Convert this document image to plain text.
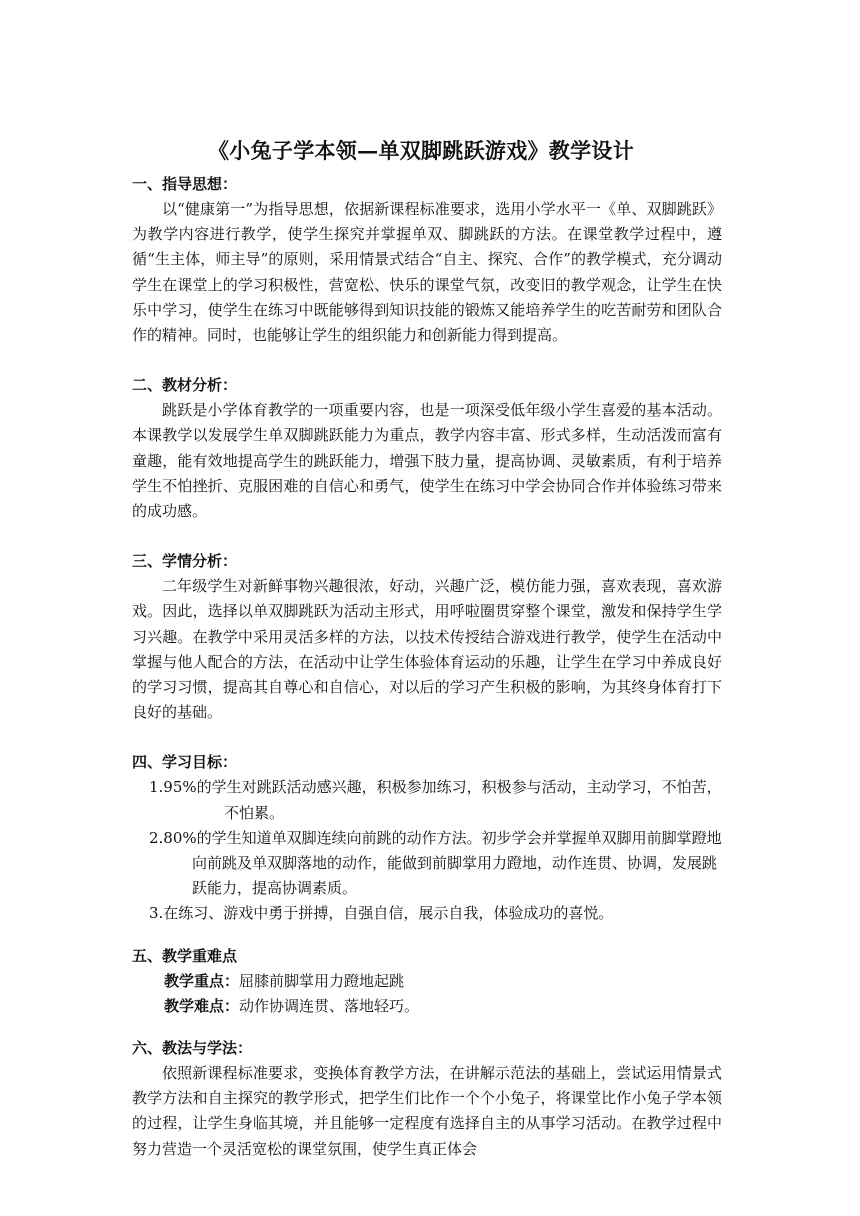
《小兔子学本领—单双脚跳跃游戏》教学设计

一、指导思想：

以“健康第一”为指导思想，依据新课程标准要求，选用小学水平一《单、双脚跳跃》为教学内容进行教学，使学生探究并掌握单双、脚跳跃的方法。在课堂教学过程中，遵循“生主体，师主导”的原则，采用情景式结合“自主、探究、合作”的教学模式，充分调动学生在课堂上的学习积极性，营宽松、快乐的课堂气氛，改变旧的教学观念，让学生在快乐中学习，使学生在练习中既能够得到知识技能的锻炼又能培养学生的吃苦耐劳和团队合作的精神。同时，也能够让学生的组织能力和创新能力得到提高。

二、教材分析：

跳跃是小学体育教学的一项重要内容，也是一项深受低年级小学生喜爱的基本活动。本课教学以发展学生单双脚跳跃能力为重点，教学内容丰富、形式多样，生动活泼而富有童趣，能有效地提高学生的跳跃能力，增强下肢力量，提高协调、灵敏素质，有利于培养学生不怕挫折、克服困难的自信心和勇气，使学生在练习中学会协同合作并体验练习带来的成功感。

三、学情分析：

二年级学生对新鲜事物兴趣很浓，好动，兴趣广泛，模仿能力强，喜欢表现，喜欢游戏。因此，选择以单双脚跳跃为活动主形式，用呼啦圈贯穿整个课堂，激发和保持学生学习兴趣。在教学中采用灵活多样的方法，以技术传授结合游戏进行教学，使学生在活动中掌握与他人配合的方法，在活动中让学生体验体育运动的乐趣，让学生在学习中养成良好的学习习惯，提高其自尊心和自信心，对以后的学习产生积极的影响，为其终身体育打下良好的基础。

四、学习目标：

1.95%的学生对跳跃活动感兴趣，积极参加练习，积极参与活动，主动学习，不怕苦，不怕累。

2.80%的学生知道单双脚连续向前跳的动作方法。初步学会并掌握单双脚用前脚掌蹬地向前跳及单双脚落地的动作，能做到前脚掌用力蹬地，动作连贯、协调，发展跳跃能力，提高协调素质。

3.在练习、游戏中勇于拼搏，自强自信，展示自我，体验成功的喜悦。

五、教学重难点

教学重点：屈膝前脚掌用力蹬地起跳

教学难点：动作协调连贯、落地轻巧。

六、教法与学法：

依照新课程标准要求，变换体育教学方法，在讲解示范法的基础上，尝试运用情景式教学方法和自主探究的教学形式，把学生们比作一个个小兔子，将课堂比作小兔子学本领的过程，让学生身临其境，并且能够一定程度有选择自主的从事学习活动。在教学过程中努力营造一个灵活宽松的课堂氛围，使学生真正体会
